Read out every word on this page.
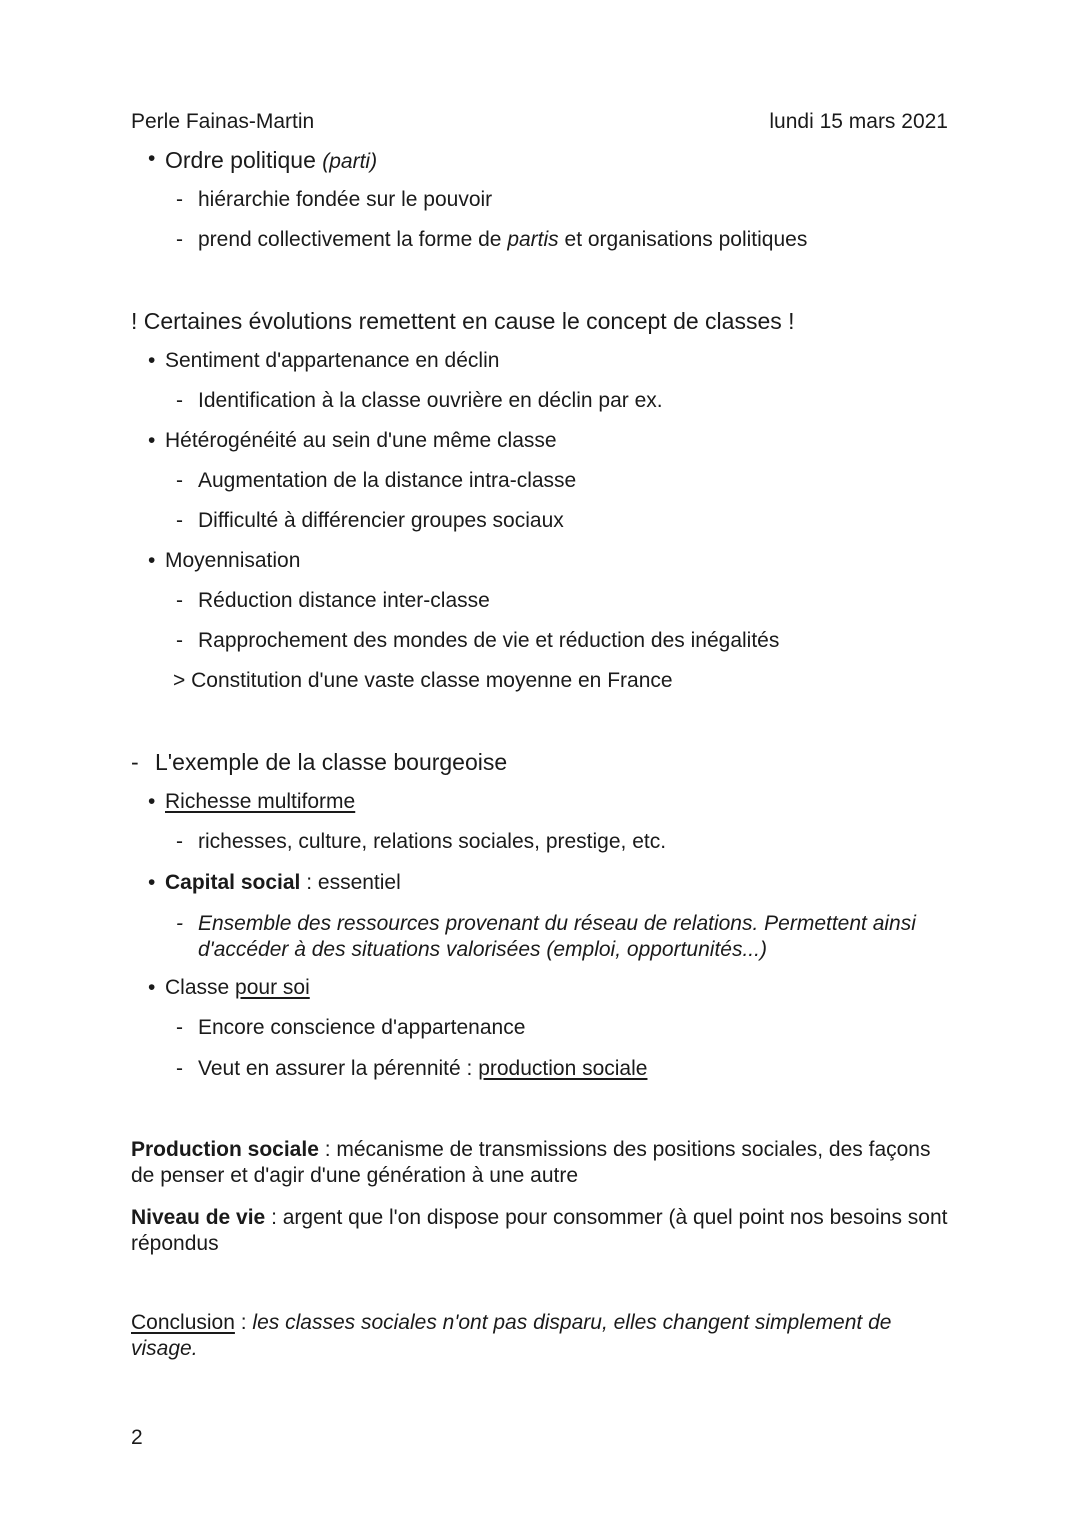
Perle Fainas-Martin	lundi 15 mars 2021
• Ordre politique (parti)
- hiérarchie fondée sur le pouvoir
- prend collectivement la forme de partis et organisations politiques
! Certaines évolutions remettent en cause le concept de classes !
• Sentiment d'appartenance en déclin
- Identification à la classe ouvrière en déclin par ex.
• Hétérogénéité au sein d'une même classe
- Augmentation de la distance intra-classe
- Difficulté à différencier groupes sociaux
• Moyennisation
- Réduction distance inter-classe
- Rapprochement des mondes de vie et réduction des inégalités
> Constitution d'une vaste classe moyenne en France
- L'exemple de la classe bourgeoise
• Richesse multiforme
- richesses, culture, relations sociales, prestige, etc.
• Capital social : essentiel
- Ensemble des ressources provenant du réseau de relations. Permettent ainsi d'accéder à des situations valorisées (emploi, opportunités...)
• Classe pour soi
- Encore conscience d'appartenance
- Veut en assurer la pérennité : production sociale
Production sociale : mécanisme de transmissions des positions sociales, des façons de penser et d'agir d'une génération à une autre
Niveau de vie : argent que l'on dispose pour consommer (à quel point nos besoins sont répondus
Conclusion : les classes sociales n'ont pas disparu, elles changent simplement de visage.
2
